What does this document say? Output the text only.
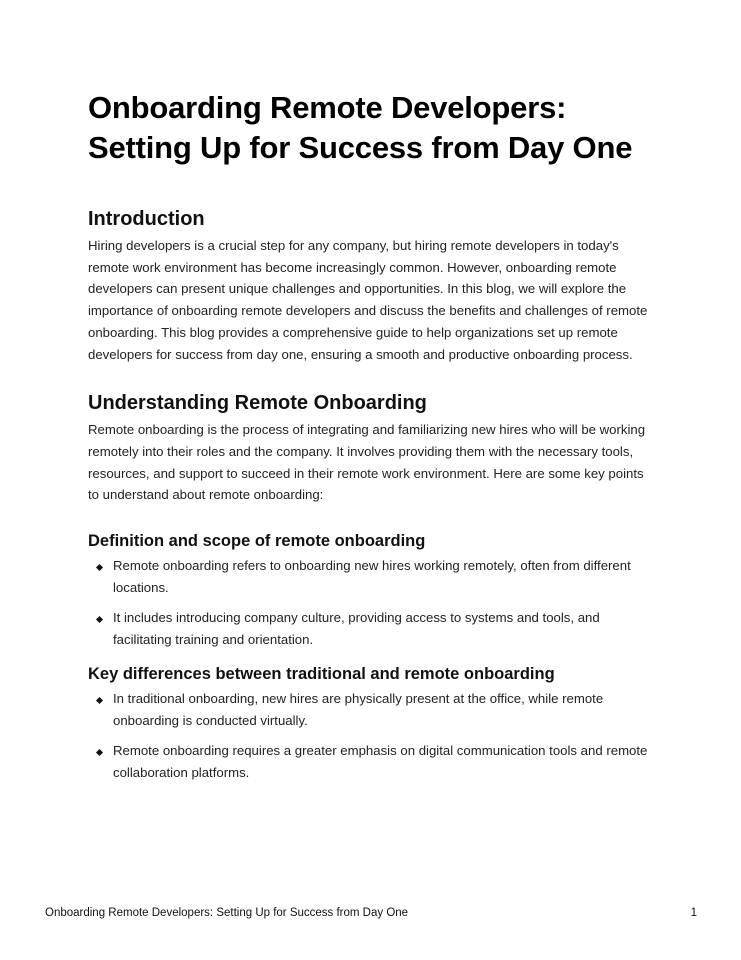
Onboarding Remote Developers: Setting Up for Success from Day One
Introduction

Hiring developers is a crucial step for any company, but hiring remote developers in today's remote work environment has become increasingly common. However, onboarding remote developers can present unique challenges and opportunities. In this blog, we will explore the importance of onboarding remote developers and discuss the benefits and challenges of remote onboarding. This blog provides a comprehensive guide to help organizations set up remote developers for success from day one, ensuring a smooth and productive onboarding process.

Understanding Remote Onboarding

Remote onboarding is the process of integrating and familiarizing new hires who will be working remotely into their roles and the company. It involves providing them with the necessary tools, resources, and support to succeed in their remote work environment. Here are some key points to understand about remote onboarding:

Definition and scope of remote onboarding
Remote onboarding refers to onboarding new hires working remotely, often from different locations.
It includes introducing company culture, providing access to systems and tools, and facilitating training and orientation.
Key differences between traditional and remote onboarding
In traditional onboarding, new hires are physically present at the office, while remote onboarding is conducted virtually.
Remote onboarding requires a greater emphasis on digital communication tools and remote collaboration platforms.
Onboarding Remote Developers: Setting Up for Success from Day One	1
